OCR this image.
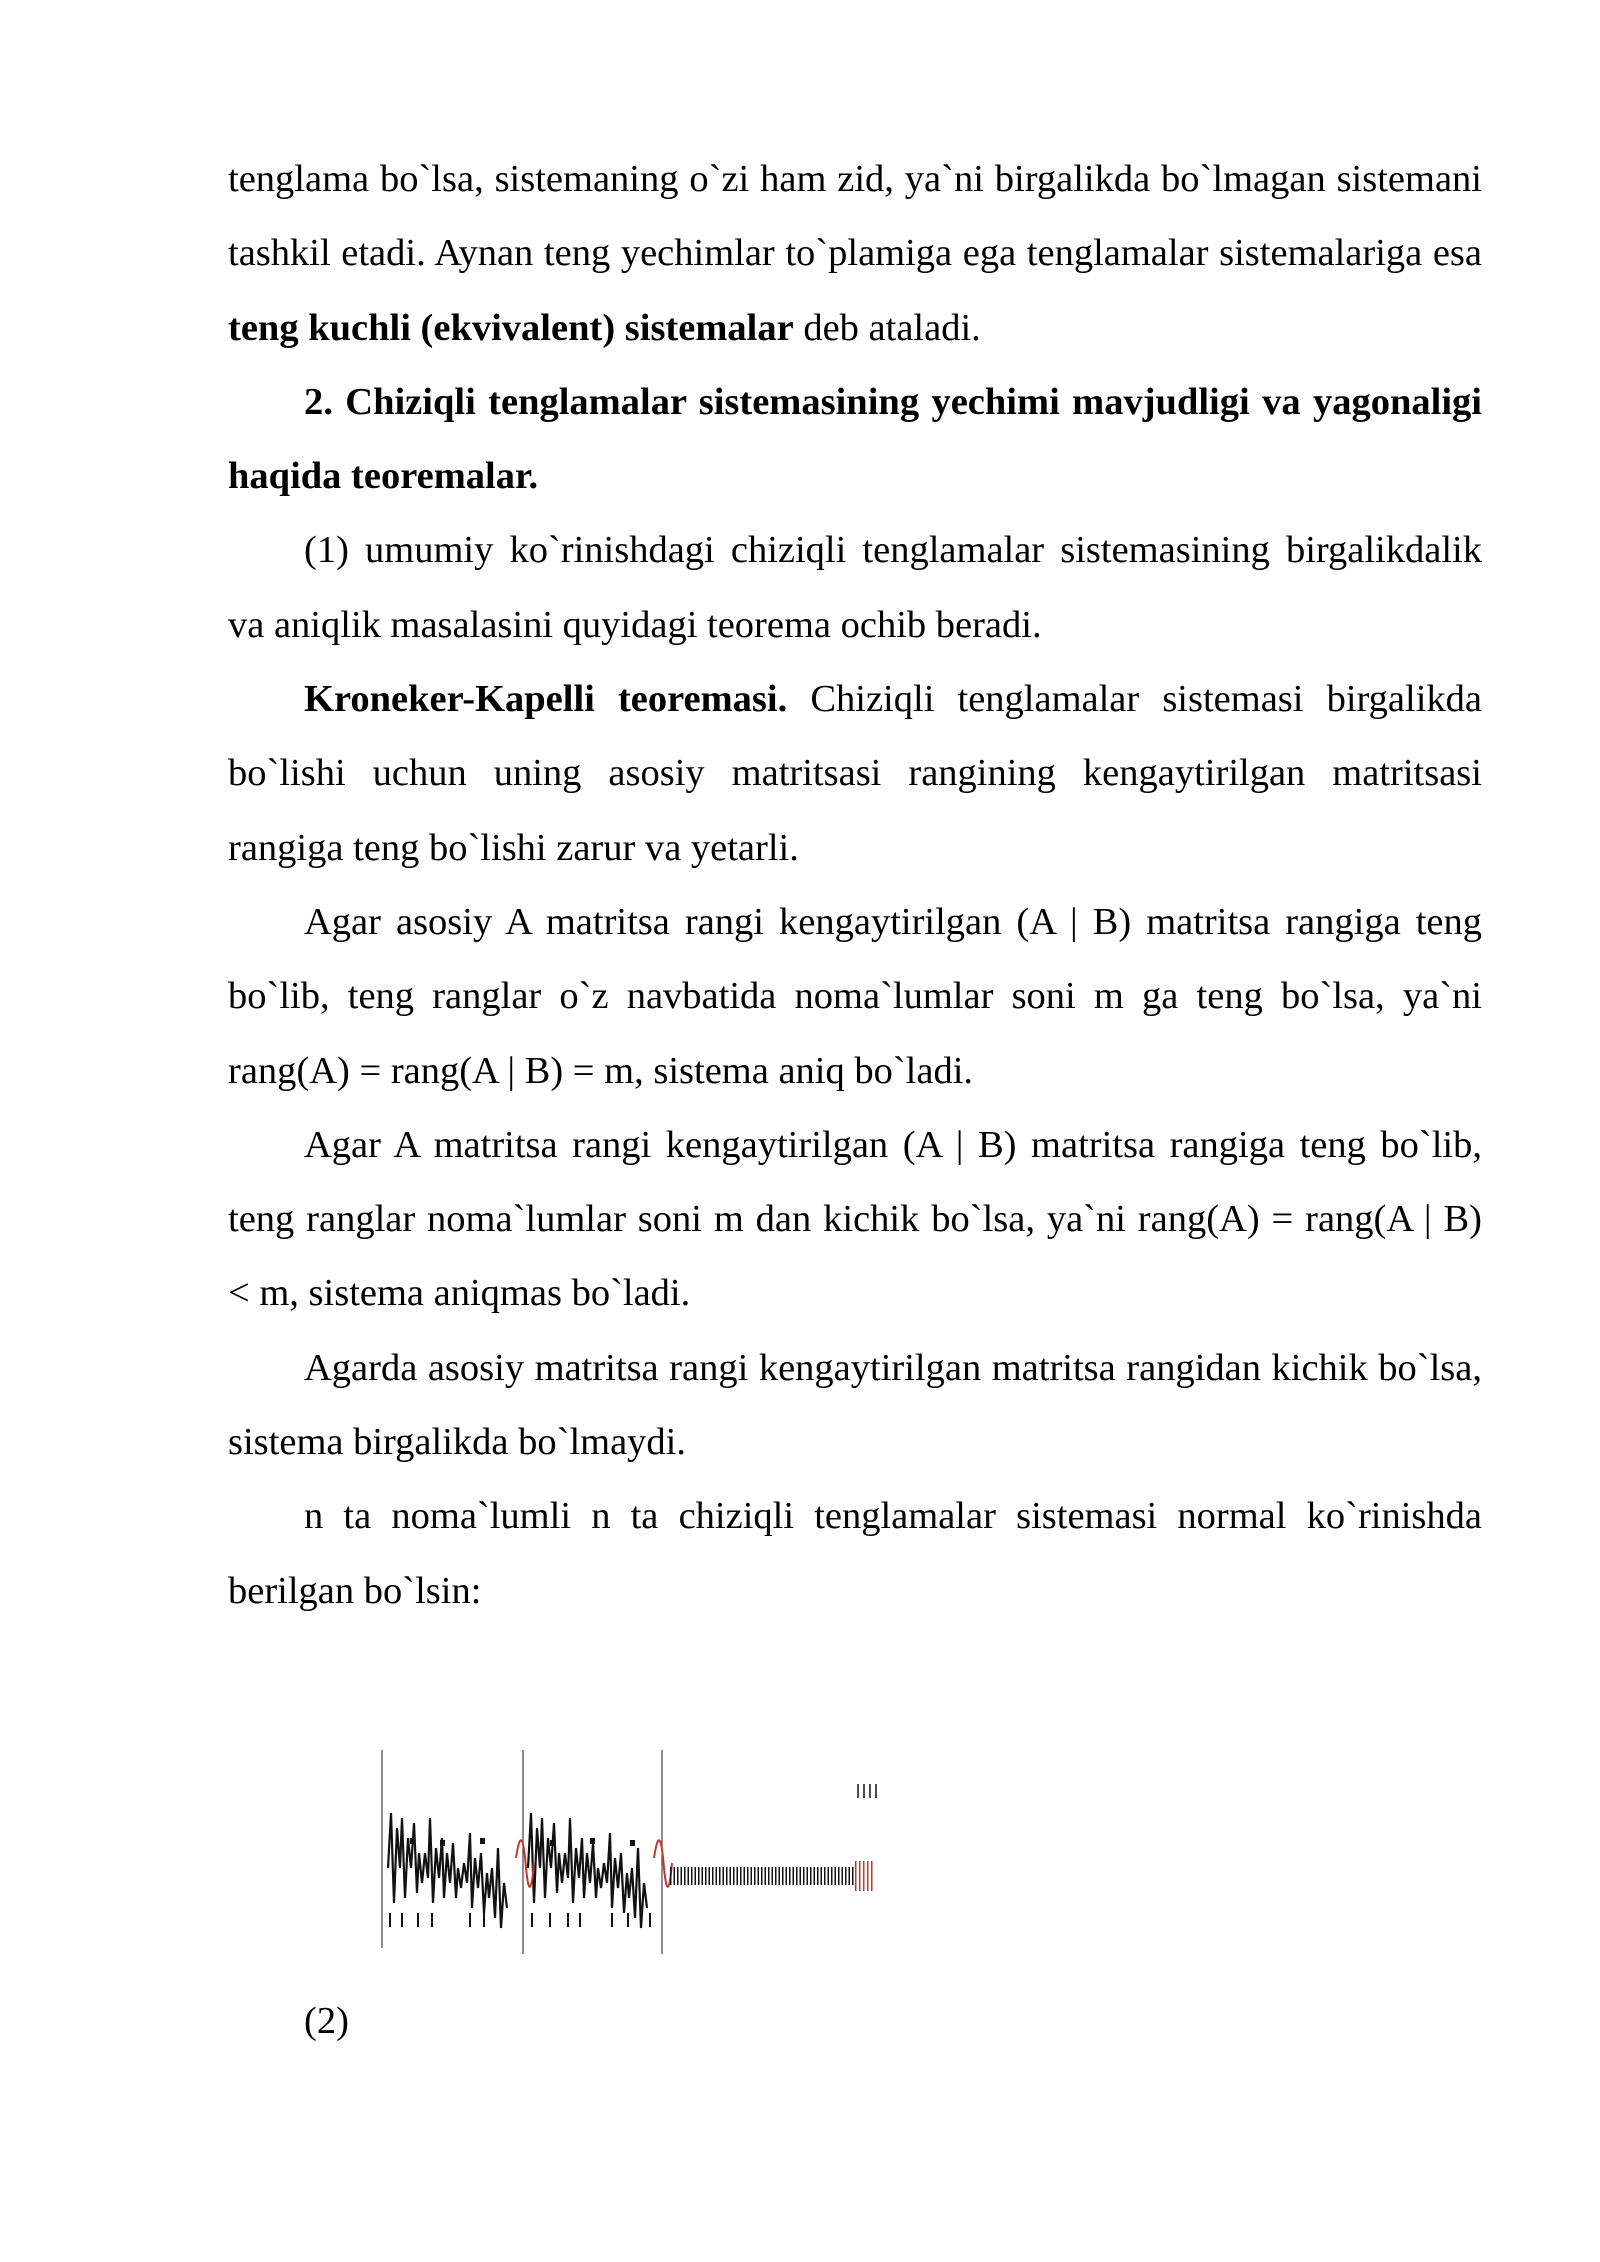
tenglama bo`lsa, sistemaning o`zi ham zid, ya`ni birgalikda bo`lmagan sistemani tashkil etadi. Aynan teng yechimlar to`plamiga ega tenglamalar sistemalariga esa teng kuchli (ekvivalent) sistemalar deb ataladi.

2. Chiziqli tenglamalar sistemasining yechimi mavjudligi va yagonaligi haqida teoremalar.

(1) umumiy ko`rinishdagi chiziqli tenglamalar sistemasining birgalikdalik va aniqlik masalasini quyidagi teorema ochib beradi.

Kroneker-Kapelli teoremasi. Chiziqli tenglamalar sistemasi birgalikda bo`lishi uchun uning asosiy matritsasi rangining kengaytirilgan matritsasi rangiga teng bo`lishi zarur va yetarli.

Agar asosiy A matritsa rangi kengaytirilgan (A | B) matritsa rangiga teng bo`lib, teng ranglar o`z navbatida noma`lumlar soni m ga teng bo`lsa, ya`ni rang(A) = rang(A | B) = m, sistema aniq bo`ladi.

Agar A matritsa rangi kengaytirilgan (A | B) matritsa rangiga teng bo`lib, teng ranglar noma`lumlar soni m dan kichik bo`lsa, ya`ni rang(A) = rang(A | B) < m, sistema aniqmas bo`ladi.

Agarda asosiy matritsa rangi kengaytirilgan matritsa rangidan kichik bo`lsa, sistema birgalikda bo`lmaydi.

n ta noma`lumli n ta chiziqli tenglamalar sistemasi normal ko`rinishda berilgan bo`lsin:

(2)
